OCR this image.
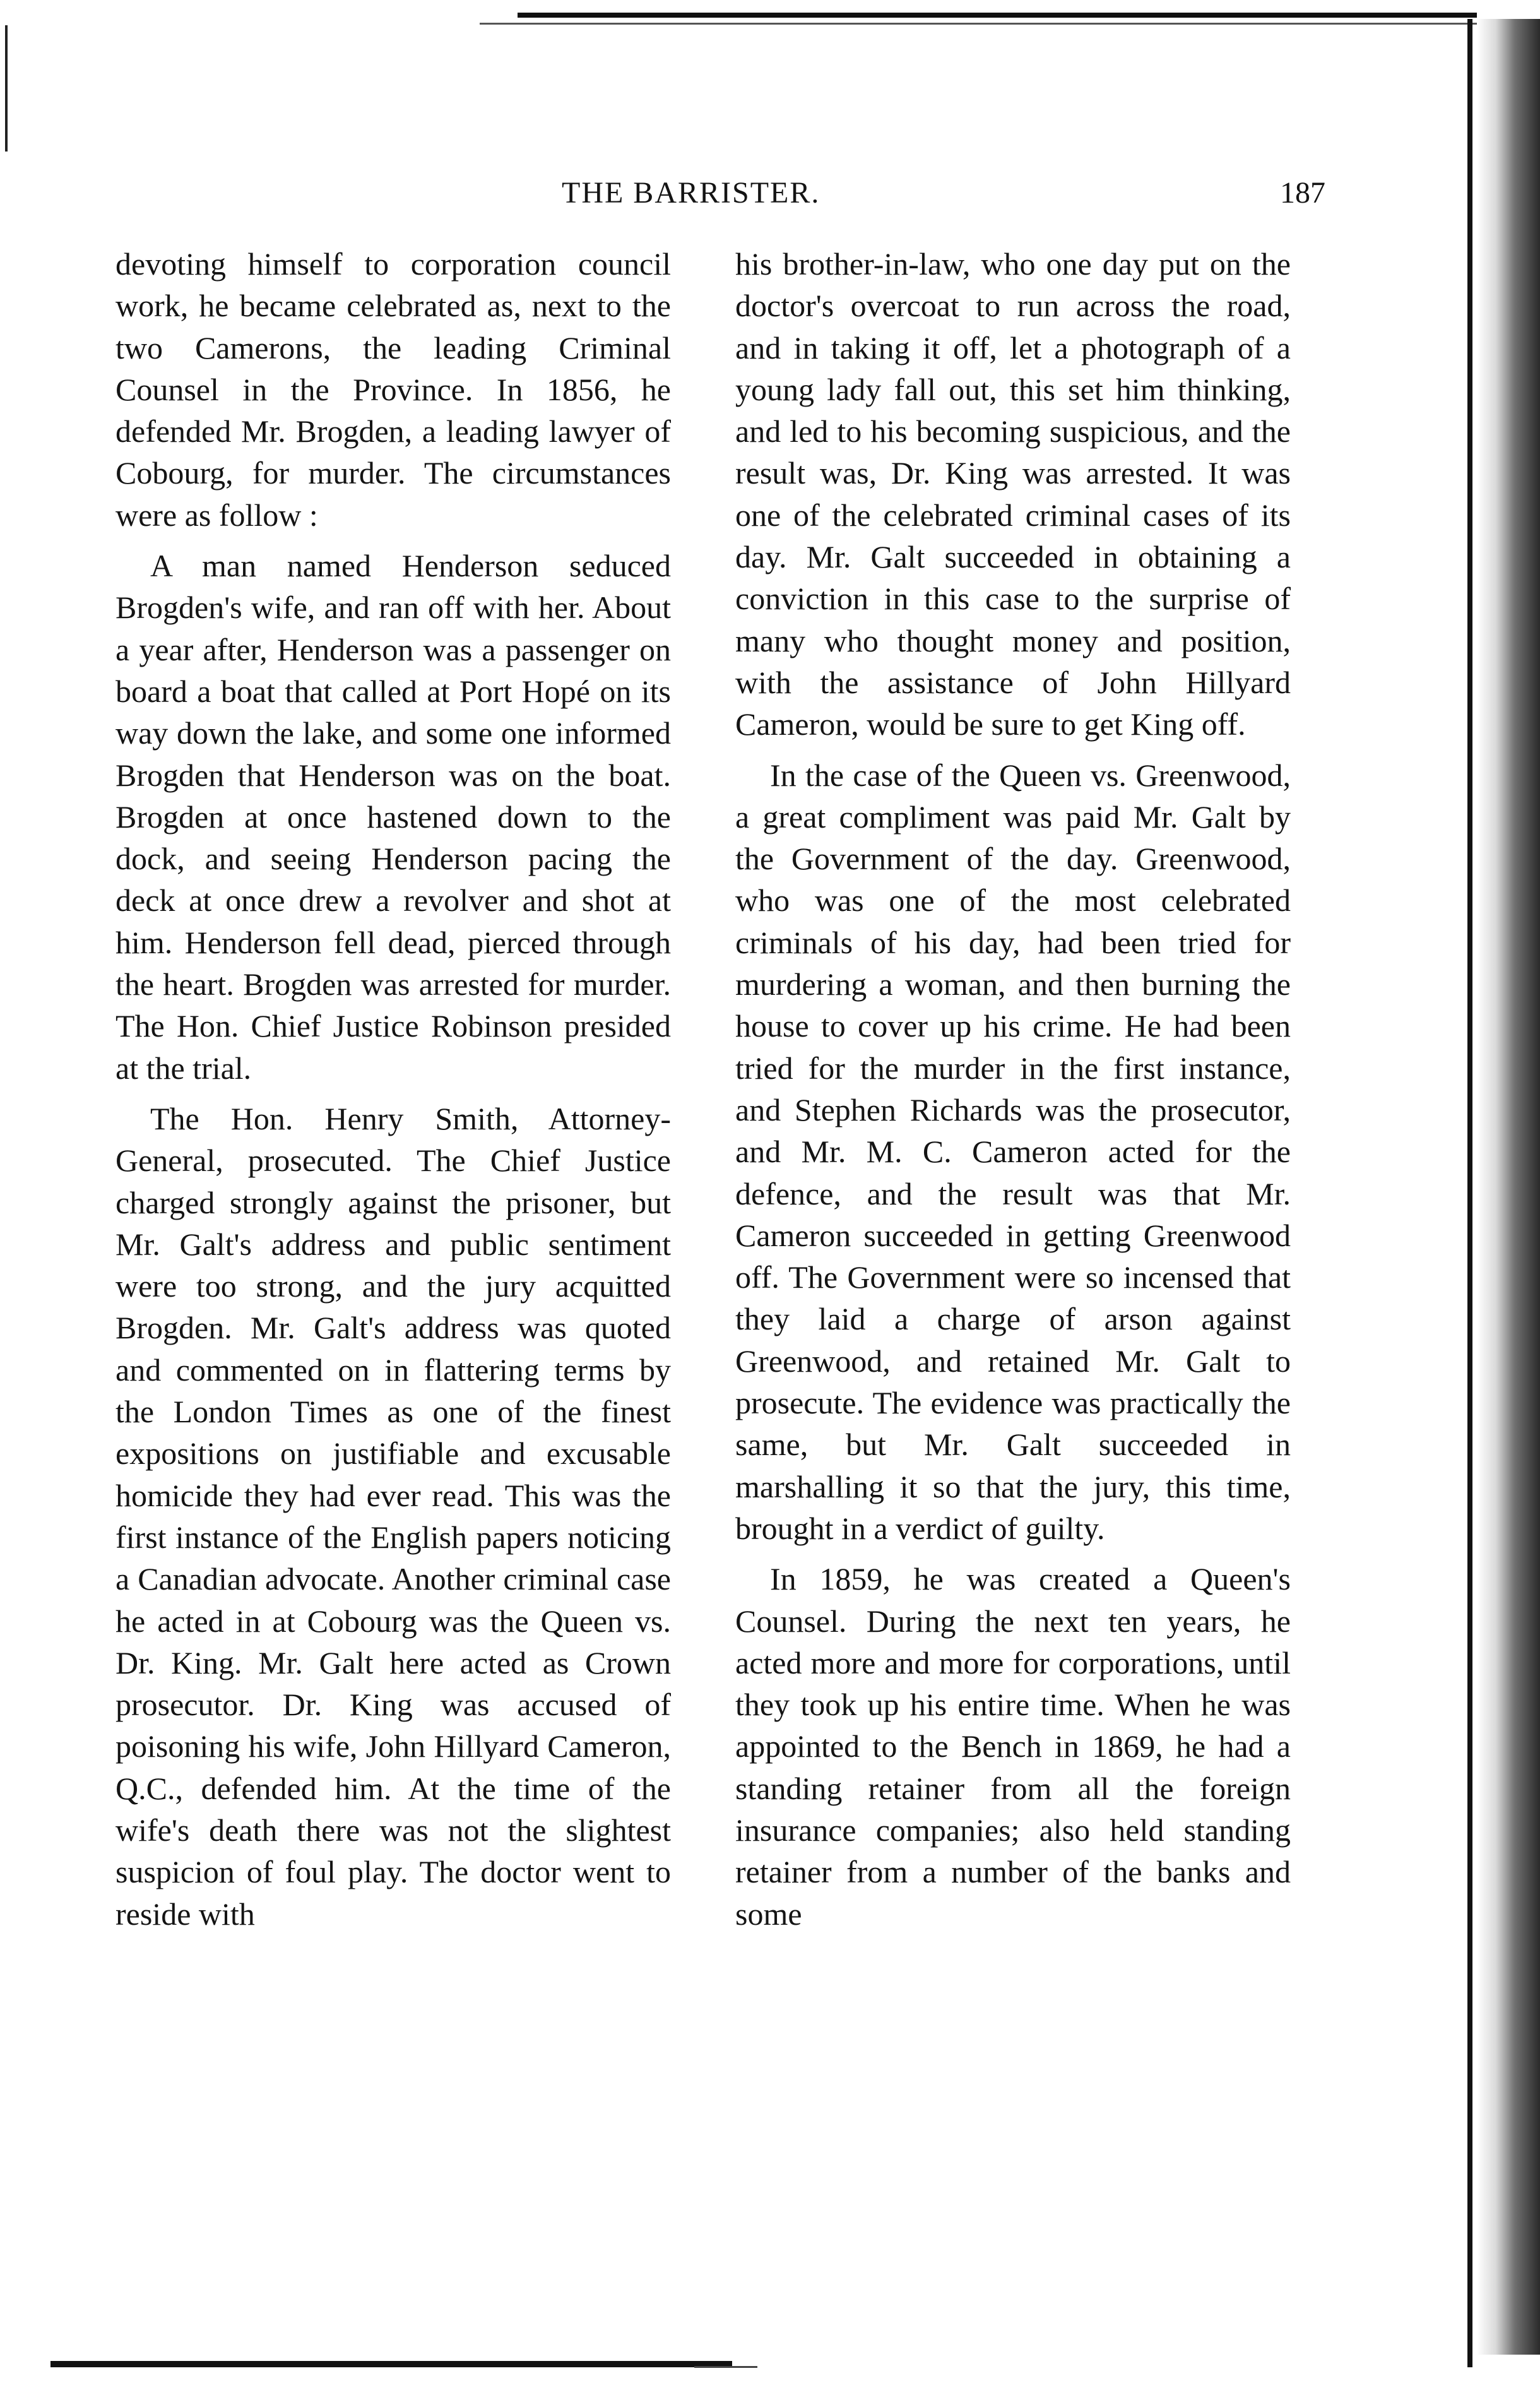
THE BARRISTER.	187

devoting himself to corporation council work, he became celebrated as, next to the two Camerons, the leading Criminal Counsel in the Province. In 1856, he defended Mr. Brogden, a leading lawyer of Cobourg, for murder. The circumstances were as follow :

A man named Henderson seduced Brogden's wife, and ran off with her. About a year after, Henderson was a passenger on board a boat that called at Port Hopé on its way down the lake, and some one informed Brogden that Henderson was on the boat. Brogden at once hastened down to the dock, and seeing Henderson pacing the deck at once drew a revolver and shot at him. Henderson fell dead, pierced through the heart. Brogden was arrested for murder. The Hon. Chief Justice Robinson presided at the trial.

The Hon. Henry Smith, Attorney-General, prosecuted. The Chief Justice charged strongly against the prisoner, but Mr. Galt's address and public sentiment were too strong, and the jury acquitted Brogden. Mr. Galt's address was quoted and commented on in flattering terms by the London Times as one of the finest expositions on justifiable and excusable homicide they had ever read. This was the first instance of the English papers noticing a Canadian advocate. Another criminal case he acted in at Cobourg was the Queen vs. Dr. King. Mr. Galt here acted as Crown prosecutor. Dr. King was accused of poisoning his wife, John Hillyard Cameron, Q.C., defended him. At the time of the wife's death there was not the slightest suspicion of foul play. The doctor went to reside with

his brother-in-law, who one day put on the doctor's overcoat to run across the road, and in taking it off, let a photograph of a young lady fall out, this set him thinking, and led to his becoming suspicious, and the result was, Dr. King was arrested. It was one of the celebrated criminal cases of its day. Mr. Galt succeeded in obtaining a conviction in this case to the surprise of many who thought money and position, with the assistance of John Hillyard Cameron, would be sure to get King off.

In the case of the Queen vs. Greenwood, a great compliment was paid Mr. Galt by the Government of the day. Greenwood, who was one of the most celebrated criminals of his day, had been tried for murdering a woman, and then burning the house to cover up his crime. He had been tried for the murder in the first instance, and Stephen Richards was the prosecutor, and Mr. M. C. Cameron acted for the defence, and the result was that Mr. Cameron succeeded in getting Greenwood off. The Government were so incensed that they laid a charge of arson against Greenwood, and retained Mr. Galt to prosecute. The evidence was practically the same, but Mr. Galt succeeded in marshalling it so that the jury, this time, brought in a verdict of guilty.

In 1859, he was created a Queen's Counsel. During the next ten years, he acted more and more for corporations, until they took up his entire time. When he was appointed to the Bench in 1869, he had a standing retainer from all the foreign insurance companies; also held standing retainer from a number of the banks and some
